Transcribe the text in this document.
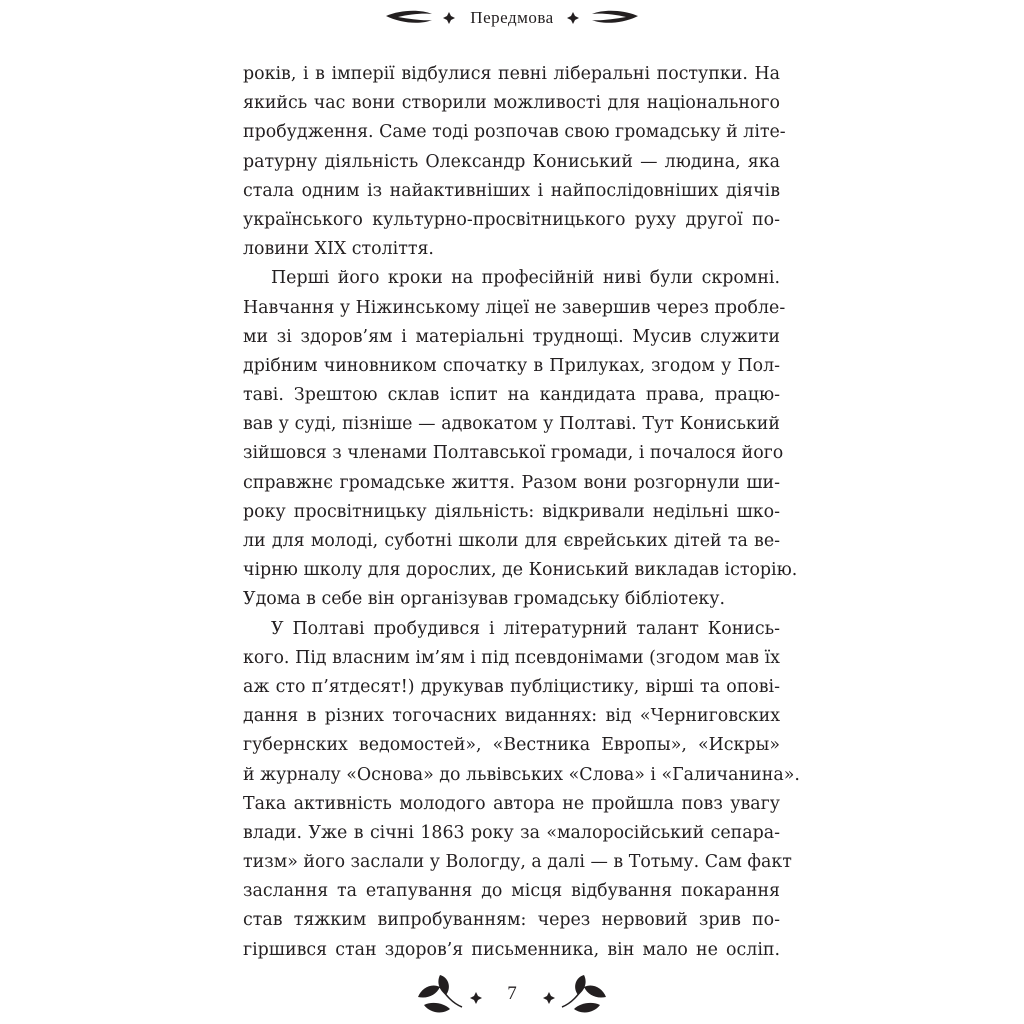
Передмова
років, і в імперії відбулися певні ліберальні поступки. На
якийсь час вони створили можливості для національного
пробудження. Саме тоді розпочав свою громадську й літе-
ратурну діяльність Олександр Кониський — людина, яка
стала одним із найактивніших і найпослідовніших діячів
українського культурно-просвітницького руху другої по-
ловини XIX століття.
Перші його кроки на професійній ниві були скромні.
Навчання у Ніжинському ліцеї не завершив через пробле-
ми зі здоров’ям і матеріальні труднощі. Мусив служити
дрібним чиновником спочатку в Прилуках, згодом у Пол-
таві. Зрештою склав іспит на кандидата права, працю-
вав у суді, пізніше — адвокатом у Полтаві. Тут Кониський
зійшовся з членами Полтавської громади, і почалося його
справжнє громадське життя. Разом вони розгорнули ши-
року просвітницьку діяльність: відкривали недільні шко-
ли для молоді, суботні школи для єврейських дітей та ве-
чірню школу для дорослих, де Кониський викладав історію.
Удома в себе він організував громадську бібліотеку.
У Полтаві пробудився і літературний талант Конись-
кого. Під власним ім’ям і під псевдонімами (згодом мав їх
аж сто п’ятдесят!) друкував публіцистику, вірші та опові-
дання в різних тогочасних виданнях: від «Черниговских
губернских ведомостей», «Вестника Европы», «Искры»
й журналу «Основа» до львівських «Слова» і «Галичанина».
Така активність молодого автора не пройшла повз увагу
влади. Уже в січні 1863 року за «малоросійський сепара-
тизм» його заслали у Вологду, а далі — в Тотьму. Сам факт
заслання та етапування до місця відбування покарання
став тяжким випробуванням: через нервовий зрив по-
гіршився стан здоров’я письменника, він мало не осліп.
7
